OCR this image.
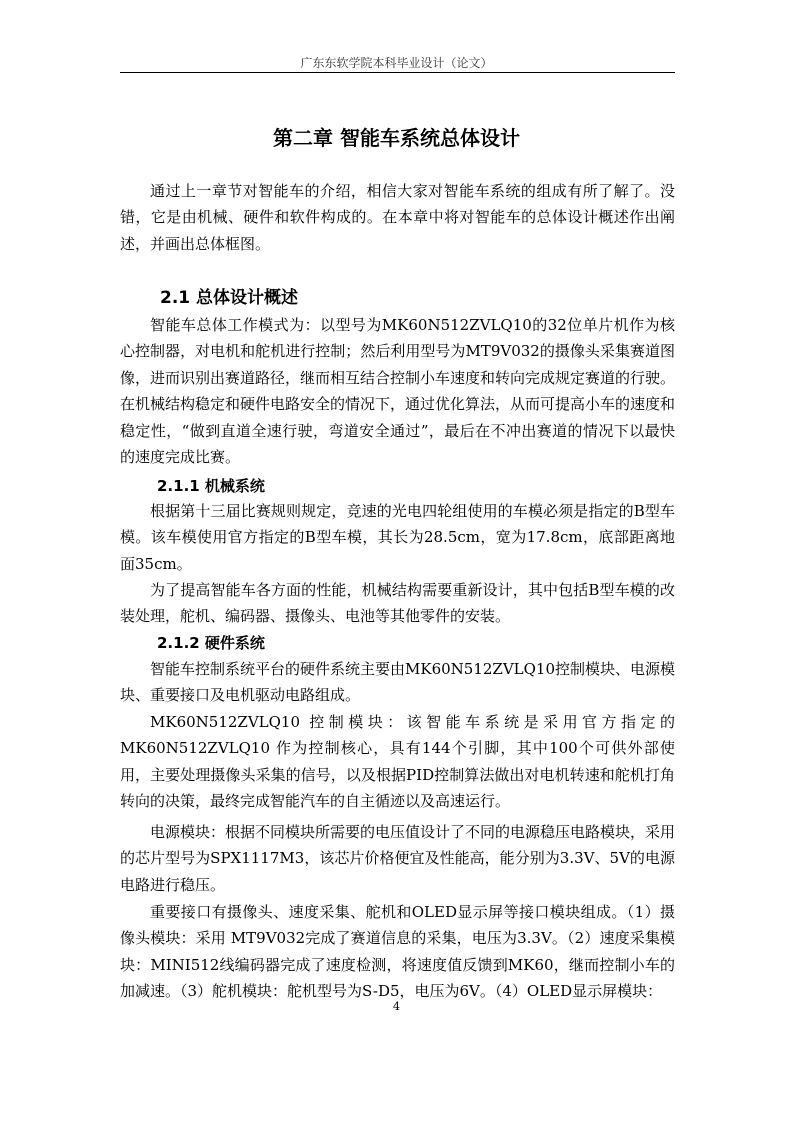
广东东软学院本科毕业设计（论文）

第二章 智能车系统总体设计

通过上一章节对智能车的介绍，相信大家对智能车系统的组成有所了解了。没错，它是由机械、硬件和软件构成的。在本章中将对智能车的总体设计概述作出阐述，并画出总体框图。

2.1 总体设计概述

智能车总体工作模式为：以型号为MK60N512ZVLQ10的32位单片机作为核心控制器，对电机和舵机进行控制；然后利用型号为MT9V032的摄像头采集赛道图像，进而识别出赛道路径，继而相互结合控制小车速度和转向完成规定赛道的行驶。在机械结构稳定和硬件电路安全的情况下，通过优化算法，从而可提高小车的速度和稳定性，“做到直道全速行驶，弯道安全通过”，最后在不冲出赛道的情况下以最快的速度完成比赛。

2.1.1 机械系统

根据第十三届比赛规则规定，竞速的光电四轮组使用的车模必须是指定的B型车模。该车模使用官方指定的B型车模，其长为28.5cm，宽为17.8cm，底部距离地面35cm。

为了提高智能车各方面的性能，机械结构需要重新设计，其中包括B型车模的改装处理，舵机、编码器、摄像头、电池等其他零件的安装。

2.1.2 硬件系统

智能车控制系统平台的硬件系统主要由MK60N512ZVLQ10控制模块、电源模块、重要接口及电机驱动电路组成。

MK60N512ZVLQ10 控制模块：该智能车系统是采用官方指定的MK60N512ZVLQ10 作为控制核心，具有144个引脚，其中100个可供外部使用，主要处理摄像头采集的信号，以及根据PID控制算法做出对电机转速和舵机打角转向的决策，最终完成智能汽车的自主循迹以及高速运行。

电源模块：根据不同模块所需要的电压值设计了不同的电源稳压电路模块，采用的芯片型号为SPX1117M3，该芯片价格便宜及性能高，能分别为3.3V、5V的电源电路进行稳压。

重要接口有摄像头、速度采集、舵机和OLED显示屏等接口模块组成。（1）摄像头模块：采用 MT9V032完成了赛道信息的采集，电压为3.3V。（2）速度采集模块：MINI512线编码器完成了速度检测，将速度值反馈到MK60，继而控制小车的加减速。（3）舵机模块：舵机型号为S-D5，电压为6V。（4）OLED显示屏模块：

4
